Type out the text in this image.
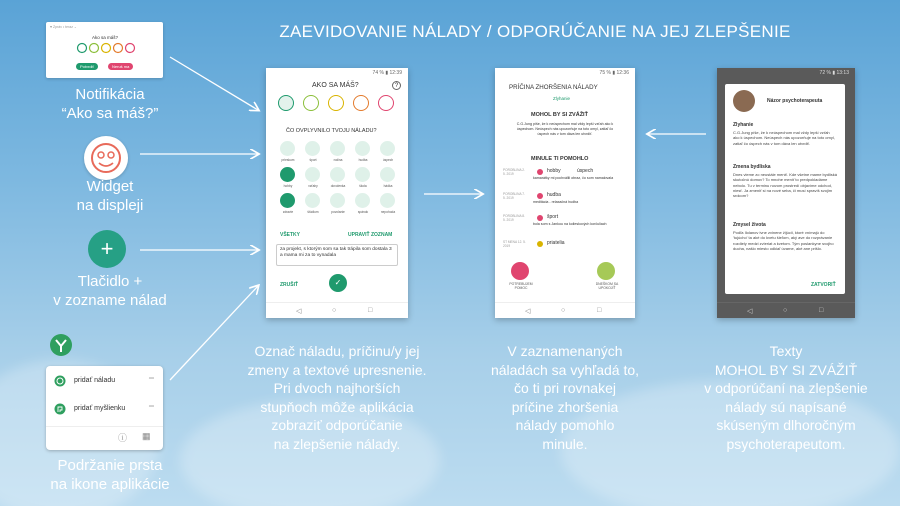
ZAEVIDOVANIE NÁLADY / ODPORÚČANIE NA JEJ ZLEPŠENIE
♥ Zpráv • teraz ⌄
Ako sa máš?
Potvrdiť	Neruš ma
Notifikácia
“Ako sa máš?”
Widget
na displeji
+
Tlačidlo +
v zozname nálad
pridať náladu	═
pridať myšlienku	═
ⓘ ▦
Podržanie prsta
na ikone aplikácie
74 % ▮ 12:39
AKO SA MÁŠ?	?
ČO OVPLYVNILO TVOJU NÁLADU?
prieskum	šport	rodina	hudba	úspech
hobby	vzťahy	dovolenka	škola	hádka
zdravie	štúdium	povolanie	spánok	nepohoda
VŠETKY	UPRAVIŤ ZOZNAM
za projekt, s ktorým som sa tak trápila som dostala 3 a mama mi za to vynadala
ZRUŠIŤ	✓
◁	○	□
75 % ▮ 12:36
PRÍČINA ZHORŠENIA NÁLADY
Zlyhanie
MOHOL BY SI ZVÁŽIŤ
C.G.Jung píše, že k neúspechom mal vždy lepší vzťah ako k úspechom. Neúspech nás upozorňuje na toto omyl, zatiaľ čo úspech nás v tom dáva len utvrdiť.
MINULE TI POMOHLO
POROBLINA 2. 5. 2019	hobby	úspech
kamarátky mi pochválili obraz, čo som namalovala
POROBLINA 7. 5. 2019	hudba
meditácia - relaxačná hudba
POROBLINA 8. 5. 2019	šport
bola som s Jankou na kolieskových korčuliach
ST MENA 12. 5. 2019	priatelia
POTREBUJEM POMOC
DNEŠKOM SA UPOKOJÍŤ
◁	○	□
72 % ▮ 13:13
Názor psychoterapeuta
Zlyhanie
C.G.Jung píše, že k neúspechom mal vždy lepší vzťah ako k úspechom. Neúspech nás upozorňuje na toto omyl, zatiaľ čo úspech nás v tom dáva len utvrdiť.
Zmena bydliska
Dnes vieme zo neustále meniť. Kde všetne mame bydliská skutočnú domov? To mnohe meniť to predpokladáme nebolo. Tu v terminu novom prostredí objavíme odchod, niesť. Ja zmeniť si na nové seba, či musí spravíš svojim srdcom?
Zmysel života
Podľa Ilolanov ivne zvinene žijúcii, ktoré vnímajú do 'tujúcho' ta aké do kvetu šieľom, aký ave do rozprávanie rozdiely medzi zvieriat a kvetom. Tým poslankyne svojho ducha, našlo miesto odkiaľ úvarne, aké ane prišlo.
ZATVORIŤ
◁	○	□
Označ náladu, príčinu/y jej
zmeny a textové upresnenie.
Pri dvoch najhorších
stupňoch môže aplikácia
zobraziť odporúčanie
na zlepšenie nálady.
V zaznamenaných
náladách sa vyhľadá to,
čo ti pri rovnakej
príčine zhoršenia
nálady pomohlo
minule.
Texty
MOHOL BY SI ZVÁŽIŤ
v odporúčaní na zlepšenie
nálady sú napísané
skúseným dlhoročným
psychoterapeutom.
